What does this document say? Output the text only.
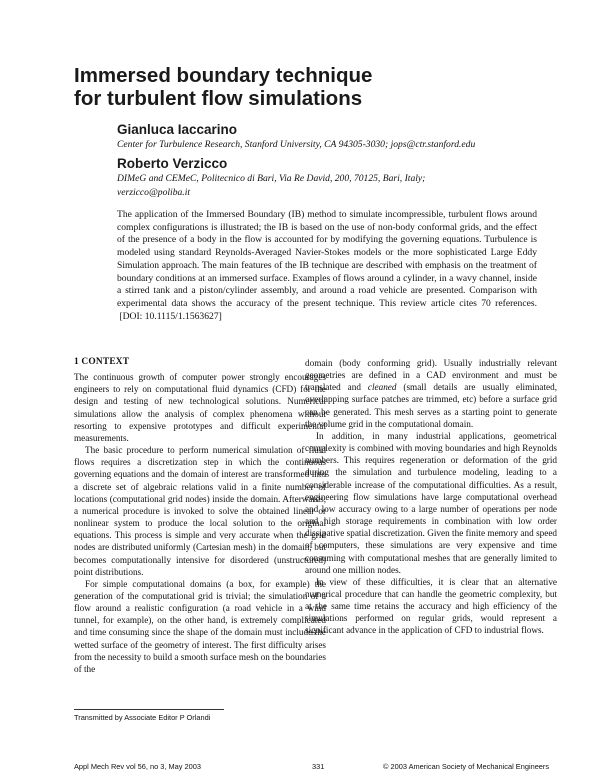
Immersed boundary technique
for turbulent flow simulations
Gianluca Iaccarino
Center for Turbulence Research, Stanford University, CA 94305-3030; jops@ctr.stanford.edu
Roberto Verzicco
DIMeG and CEMeC, Politecnico di Bari, Via Re David, 200, 70125, Bari, Italy;
verzicco@poliba.it
The application of the Immersed Boundary (IB) method to simulate incompressible, turbulent flows around complex configurations is illustrated; the IB is based on the use of non-body conformal grids, and the effect of the presence of a body in the flow is accounted for by modifying the governing equations. Turbulence is modeled using standard Reynolds-Averaged Navier-Stokes models or the more sophisticated Large Eddy Simulation approach. The main features of the IB technique are described with emphasis on the treatment of boundary conditions at an immersed surface. Examples of flows around a cylinder, in a wavy channel, inside a stirred tank and a piston/cylinder assembly, and around a road vehicle are presented. Comparison with experimental data shows the accuracy of the present technique. This review article cites 70 references.  [DOI: 10.1115/1.1563627]
1 CONTEXT

The continuous growth of computer power strongly encourages engineers to rely on computational fluid dynamics (CFD) for the design and testing of new technological solutions. Numerical simulations allow the analysis of complex phenomena without resorting to expensive prototypes and difficult experimental measurements.

The basic procedure to perform numerical simulation of fluid flows requires a discretization step in which the continuous governing equations and the domain of interest are transformed into a discrete set of algebraic relations valid in a finite number of locations (computational grid nodes) inside the domain. Afterwards, a numerical procedure is invoked to solve the obtained linear or nonlinear system to produce the local solution to the original equations. This process is simple and very accurate when the grid nodes are distributed uniformly (Cartesian mesh) in the domain, but becomes computationally intensive for disordered (unstructured) point distributions.

For simple computational domains (a box, for example) the generation of the computational grid is trivial; the simulation of a flow around a realistic configuration (a road vehicle in a wind tunnel, for example), on the other hand, is extremely complicated and time consuming since the shape of the domain must include the wetted surface of the geometry of interest. The first difficulty arises from the necessity to build a smooth surface mesh on the boundaries of the

domain (body conforming grid). Usually industrially relevant geometries are defined in a CAD environment and must be translated and cleaned (small details are usually eliminated, overlapping surface patches are trimmed, etc) before a surface grid can be generated. This mesh serves as a starting point to generate the volume grid in the computational domain.

In addition, in many industrial applications, geometrical complexity is combined with moving boundaries and high Reynolds numbers. This requires regeneration or deformation of the grid during the simulation and turbulence modeling, leading to a considerable increase of the computational difficulties. As a result, engineering flow simulations have large computational overhead and low accuracy owing to a large number of operations per node and high storage requirements in combination with low order dissipative spatial discretization. Given the finite memory and speed of computers, these simulations are very expensive and time consuming with computational meshes that are generally limited to around one million nodes.

In view of these difficulties, it is clear that an alternative numerical procedure that can handle the geometric complexity, but at the same time retains the accuracy and high efficiency of the simulations performed on regular grids, would represent a significant advance in the application of CFD to industrial flows.

Transmitted by Associate Editor P Orlandi
Appl Mech Rev vol 56, no 3, May 2003	331	© 2003 American Society of Mechanical Engineers
